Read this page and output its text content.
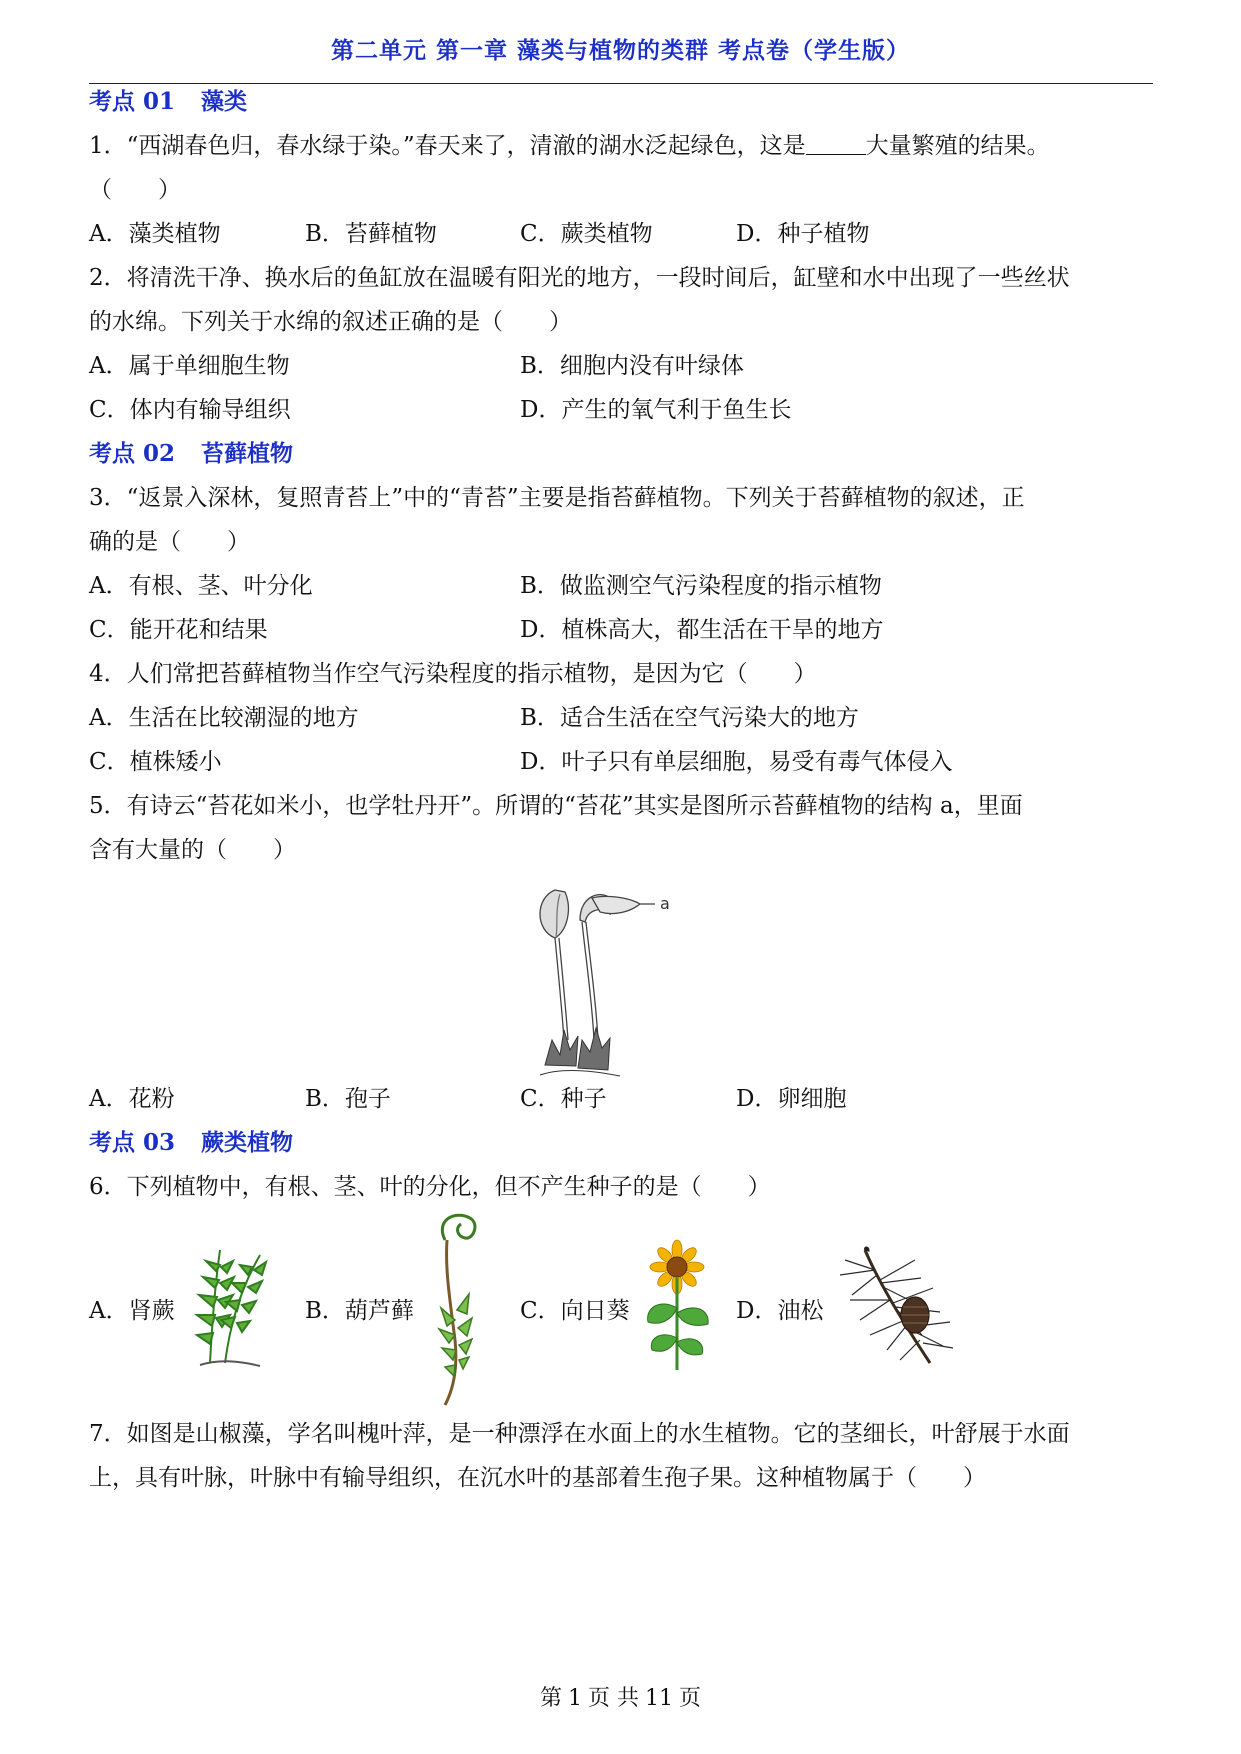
第二单元 第一章 藻类与植物的类群 考点卷（学生版）
考点 01 藻类
1．“西湖春色归，春水绿于染。”春天来了，清澈的湖水泛起绿色，这是	大量繁殖的结果。
（　　）
A．藻类植物	B．苔藓植物	C．蕨类植物	D．种子植物
2．将清洗干净、换水后的鱼缸放在温暖有阳光的地方，一段时间后，缸壁和水中出现了一些丝状
的水绵。下列关于水绵的叙述正确的是（　　）
A．属于单细胞生物	B．细胞内没有叶绿体
C．体内有输导组织	D．产生的氧气利于鱼生长
考点 02 苔藓植物
3．“返景入深林，复照青苔上”中的“青苔”主要是指苔藓植物。下列关于苔藓植物的叙述，正
确的是（　　）
A．有根、茎、叶分化	B．做监测空气污染程度的指示植物
C．能开花和结果	D．植株高大，都生活在干旱的地方
4．人们常把苔藓植物当作空气污染程度的指示植物，是因为它（　　）
A．生活在比较潮湿的地方	B．适合生活在空气污染大的地方
C．植株矮小	D．叶子只有单层细胞，易受有毒气体侵入
5．有诗云“苔花如米小，也学牡丹开”。所谓的“苔花”其实是图所示苔藓植物的结构 a，里面
含有大量的（　　）
a
A．花粉	B．孢子	C．种子	D．卵细胞
考点 03 蕨类植物
6．下列植物中，有根、茎、叶的分化，但不产生种子的是（　　）
A．肾蕨	B．葫芦藓	C．向日葵	D．油松
7．如图是山椒藻，学名叫槐叶萍，是一种漂浮在水面上的水生植物。它的茎细长，叶舒展于水面
上，具有叶脉，叶脉中有输导组织，在沉水叶的基部着生孢子果。这种植物属于（　　）
第 1 页 共 11 页
